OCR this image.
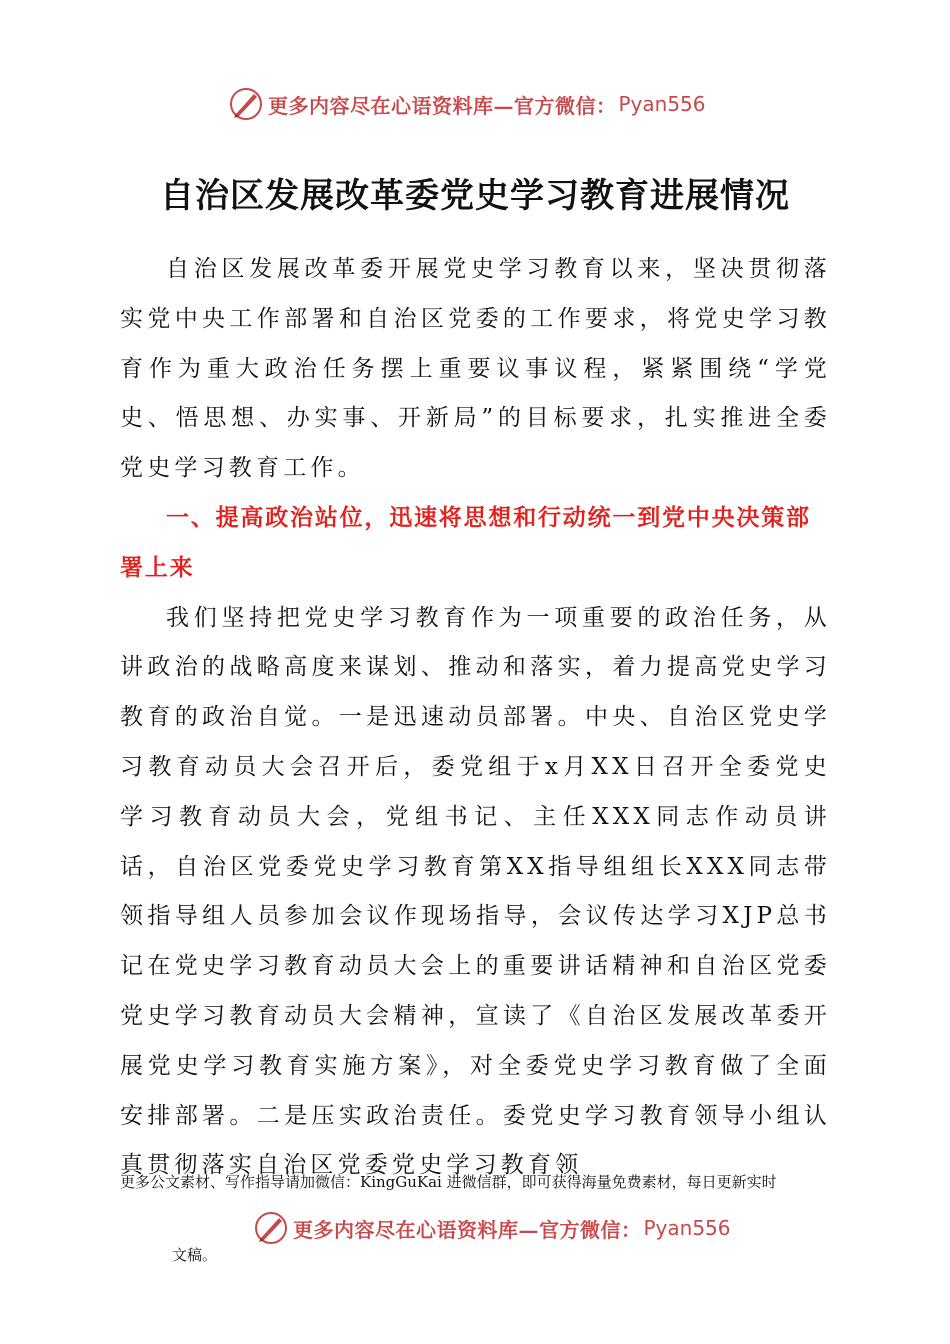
更多内容尽在心语资料库—官方微信： Pyan556
自治区发展改革委党史学习教育进展情况

自治区发展改革委开展党史学习教育以来，坚决贯彻落实党中央工作部署和自治区党委的工作要求，将党史学习教育作为重大政治任务摆上重要议事议程，紧紧围绕“学党史、悟思想、办实事、开新局”的目标要求，扎实推进全委党史学习教育工作。

一、提高政治站位，迅速将思想和行动统一到党中央决策部署上来

我们坚持把党史学习教育作为一项重要的政治任务，从讲政治的战略高度来谋划、推动和落实，着力提高党史学习教育的政治自觉。一是迅速动员部署。中央、自治区党史学习教育动员大会召开后，委党组于x月XX日召开全委党史学习教育动员大会，党组书记、主任XXX同志作动员讲话，自治区党委党史学习教育第XX指导组组长XXX同志带领指导组人员参加会议作现场指导，会议传达学习XJP总书记在党史学习教育动员大会上的重要讲话精神和自治区党委党史学习教育动员大会精神，宣读了《自治区发展改革委开展党史学习教育实施方案》，对全委党史学习教育做了全面安排部署。二是压实政治责任。委党史学习教育领导小组认真贯彻落实自治区党委党史学习教育领

更多公文素材、写作指导请加微信：KingGuKai 进微信群，即可获得海量免费素材，每日更新实时
更多内容尽在心语资料库—官方微信： Pyan556
文稿。
